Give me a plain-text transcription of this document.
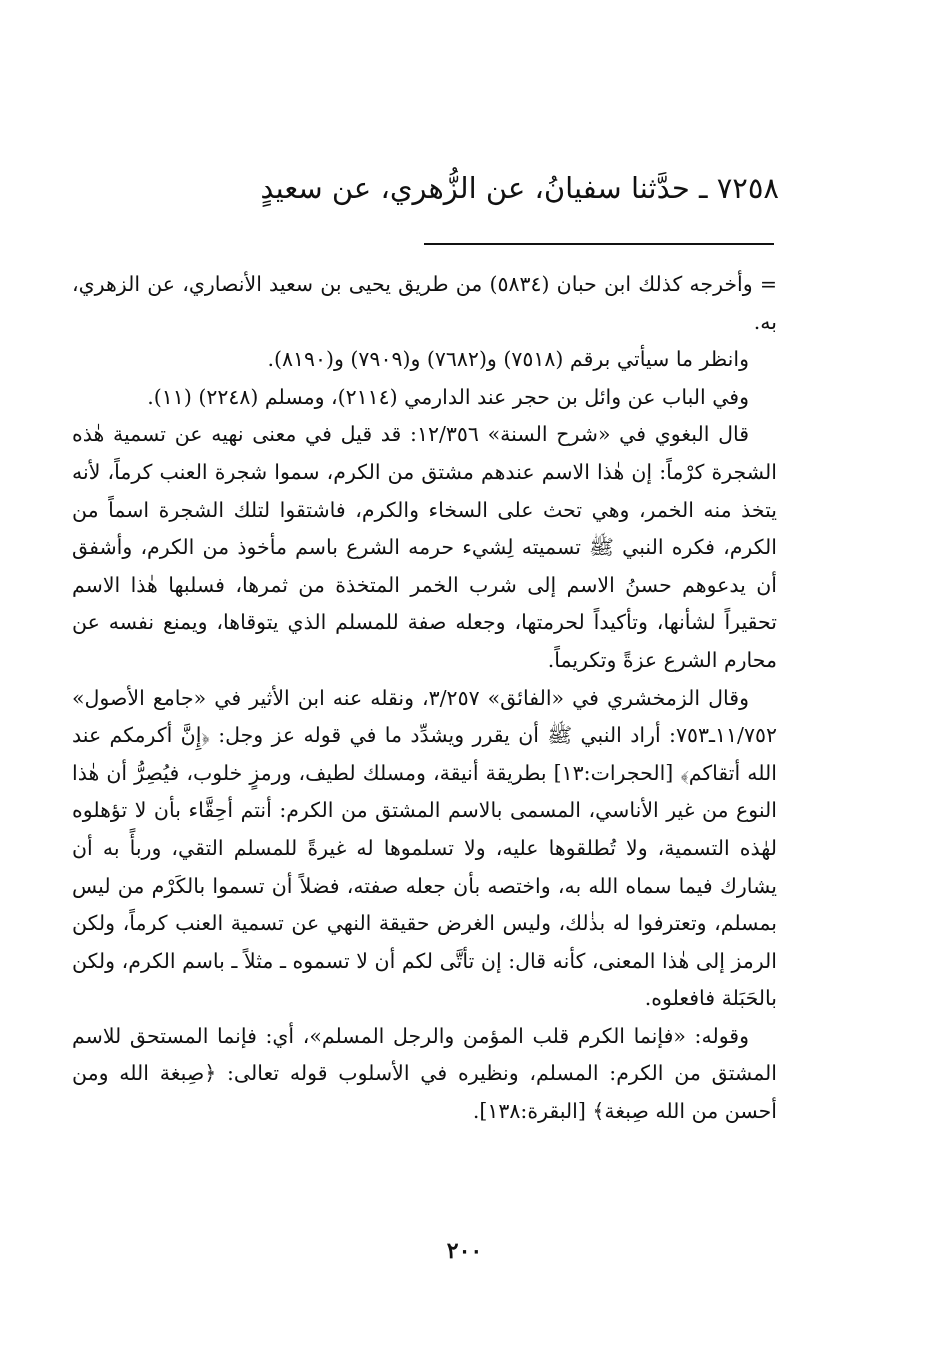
٧٢٥٨ ـ حدَّثنا سفيانُ، عن الزُّهري، عن سعيدٍ

= وأخرجه كذلك ابن حبان (٥٨٣٤) من طريق يحيى بن سعيد الأنصاري، عن الزهري، به.

وانظر ما سيأتي برقم (٧٥١٨) و(٧٦٨٢) و(٧٩٠٩) و(٨١٩٠).

وفي الباب عن وائل بن حجر عند الدارمي (٢١١٤)، ومسلم (٢٢٤٨) (١١).

قال البغوي في «شرح السنة» ١٢/٣٥٦: قد قيل في معنى نهيه عن تسمية هٰذه الشجرة كرْماً: إن هٰذا الاسم عندهم مشتق من الكرم، سموا شجرة العنب كرماً، لأنه يتخذ منه الخمر، وهي تحث على السخاء والكرم، فاشتقوا لتلك الشجرة اسماً من الكرم، فكره النبي ﷺ تسميته لِشيء حرمه الشرع باسم مأخوذ من الكرم، وأشفق أن يدعوهم حسنُ الاسم إلى شرب الخمر المتخذة من ثمرها، فسلبها هٰذا الاسم تحقيراً لشأنها، وتأكيداً لحرمتها، وجعله صفة للمسلم الذي يتوقاها، ويمنع نفسه عن محارم الشرع عزةً وتكريماً.

وقال الزمخشري في «الفائق» ٣/٢٥٧، ونقله عنه ابن الأثير في «جامع الأصول» ١١/٧٥٢ـ٧٥٣: أراد النبي ﷺ أن يقرر ويشدِّد ما في قوله عز وجل: ﴿إِنَّ أكرمكم عند الله أتقاكم﴾ [الحجرات:١٣] بطريقة أنيقة، ومسلك لطيف، ورمزٍ خلوب، فيُصِرُّ أن هٰذا النوع من غير الأناسي، المسمى بالاسم المشتق من الكرم: أنتم أحِقَّاء بأن لا تؤهلوه لهٰذه التسمية، ولا تُطلقوها عليه، ولا تسلموها له غيرةً للمسلم التقي، وربأً به أن يشارك فيما سماه الله به، واختصه بأن جعله صفته، فضلاً أن تسموا بالكَرْم من ليس بمسلم، وتعترفوا له بذٰلك، وليس الغرض حقيقة النهي عن تسمية العنب كرماً، ولكن الرمز إلى هٰذا المعنى، كأنه قال: إن تأتَّى لكم أن لا تسموه ـ مثلاً ـ باسم الكرم، ولكن بالحَبَلة فافعلوه.

وقوله: «فإنما الكرم قلب المؤمن والرجل المسلم»، أي: فإنما المستحق للاسم المشتق من الكرم: المسلم، ونظيره في الأسلوب قوله تعالى: ﴿صِبغة الله ومن أحسن من الله صِبغة﴾ [البقرة:١٣٨].

٢٠٠
